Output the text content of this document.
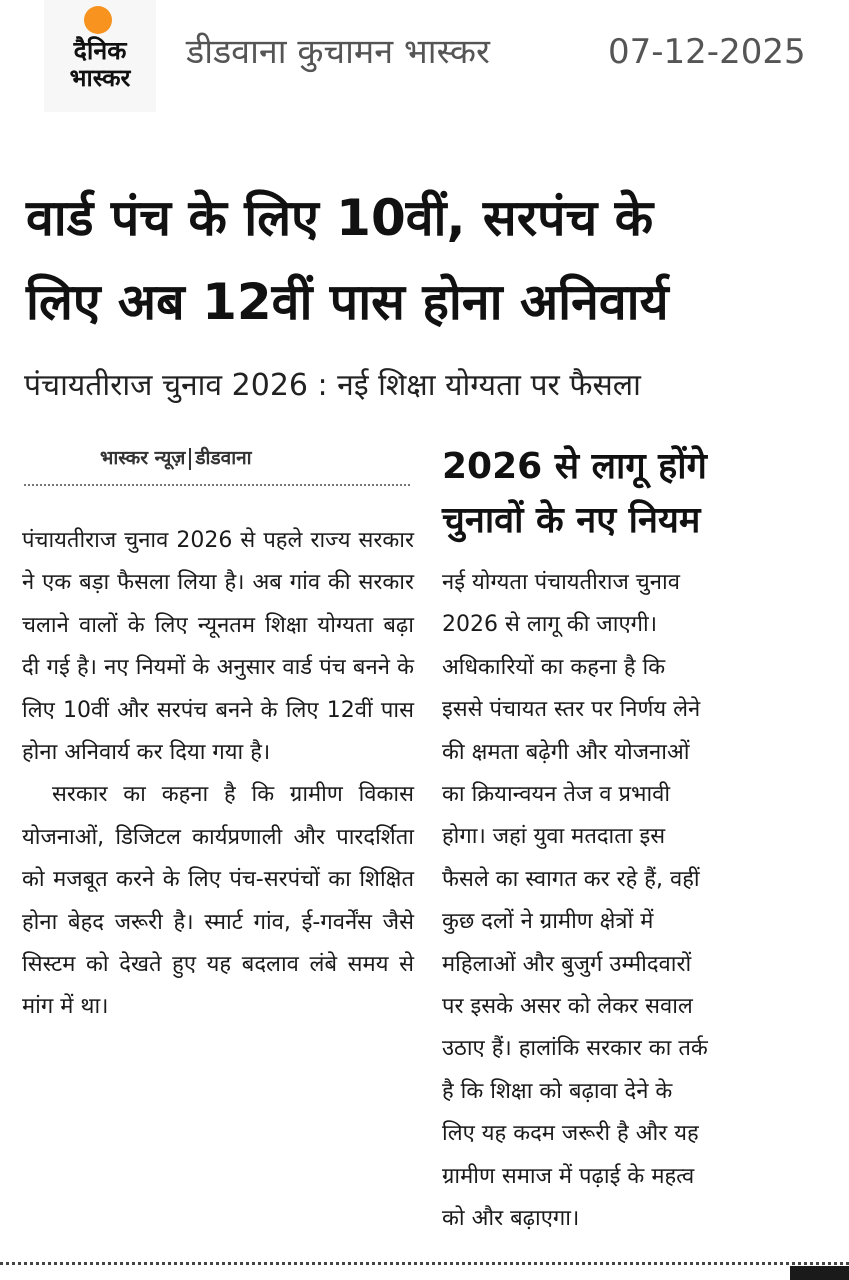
दैनिक
भास्कर
डीडवाना कुचामन भास्कर	07-12-2025
वार्ड पंच के लिए 10वीं, सरपंच के
लिए अब 12वीं पास होना अनिवार्य
पंचायतीराज चुनाव 2026 : नई शिक्षा योग्यता पर फैसला
भास्कर न्यूज़ डीडवाना

पंचायतीराज चुनाव 2026 से पहले राज्य सरकार ने एक बड़ा फैसला लिया है। अब गांव की सरकार चलाने वालों के लिए न्यूनतम शिक्षा योग्यता बढ़ा दी गई है। नए नियमों के अनुसार वार्ड पंच बनने के लिए 10वीं और सरपंच बनने के लिए 12वीं पास होना अनिवार्य कर दिया गया है।

सरकार का कहना है कि ग्रामीण विकास योजनाओं, डिजिटल कार्यप्रणाली और पारदर्शिता को मजबूत करने के लिए पंच-सरपंचों का शिक्षित होना बेहद जरूरी है। स्मार्ट गांव, ई-गवर्नेंस जैसे सिस्टम को देखते हुए यह बदलाव लंबे समय से मांग में था।

2026 से लागू होंगे
चुनावों के नए नियम
नई योग्यता पंचायतीराज चुनाव
2026 से लागू की जाएगी।
अधिकारियों का कहना है कि
इससे पंचायत स्तर पर निर्णय लेने
की क्षमता बढ़ेगी और योजनाओं
का क्रियान्वयन तेज व प्रभावी
होगा। जहां युवा मतदाता इस
फैसले का स्वागत कर रहे हैं, वहीं
कुछ दलों ने ग्रामीण क्षेत्रों में
महिलाओं और बुजुर्ग उम्मीदवारों
पर इसके असर को लेकर सवाल
उठाए हैं। हालांकि सरकार का तर्क
है कि शिक्षा को बढ़ावा देने के
लिए यह कदम जरूरी है और यह
ग्रामीण समाज में पढ़ाई के महत्व
को और बढ़ाएगा।
